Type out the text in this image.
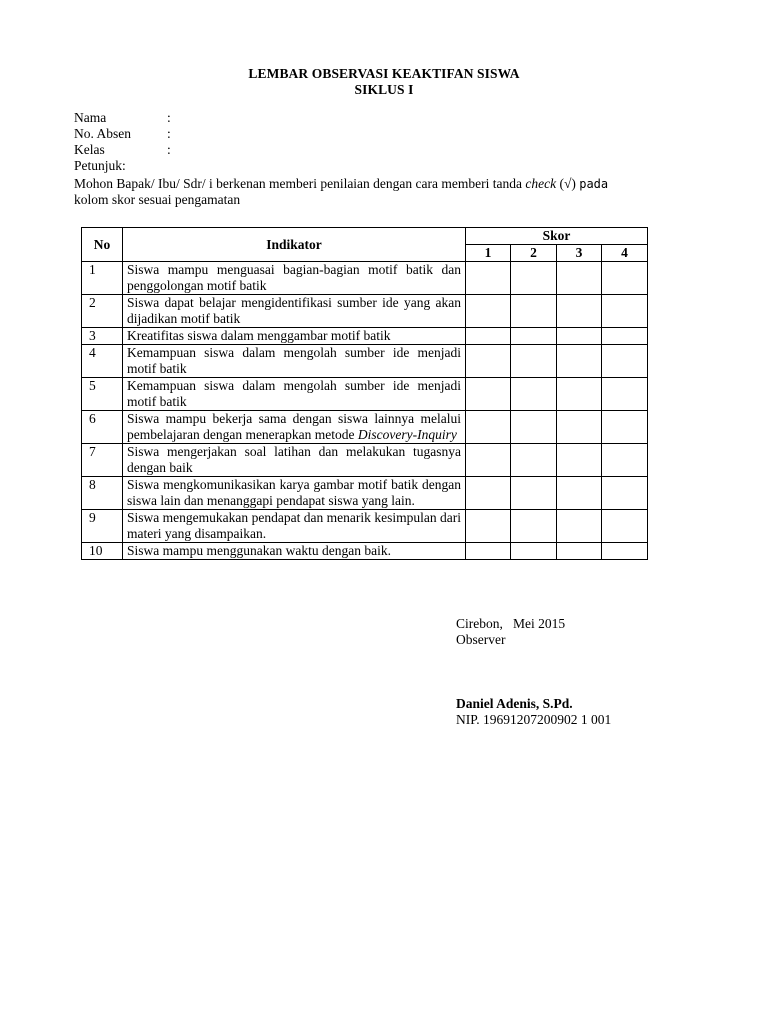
LEMBAR OBSERVASI KEAKTIFAN SISWA
SIKLUS I
Nama	:
No. Absen	:
Kelas	:
Petunjuk:
Mohon Bapak/ Ibu/ Sdr/ i berkenan memberi penilaian dengan cara memberi tanda check (√) pada
kolom skor sesuai pengamatan
No	Indikator	Skor			
		1	2	3	4
1	Siswa mampu menguasai bagian-bagian motif batik dan penggolongan motif batik				
2	Siswa dapat belajar mengidentifikasi sumber ide yang akan dijadikan motif batik				
3	Kreatifitas siswa dalam menggambar motif batik				
4	Kemampuan siswa dalam mengolah sumber ide menjadi motif batik				
5	Kemampuan siswa dalam mengolah sumber ide menjadi motif batik				
6	Siswa mampu bekerja sama dengan siswa lainnya melalui pembelajaran dengan menerapkan metode Discovery-Inquiry				
7	Siswa mengerjakan soal latihan dan melakukan tugasnya dengan baik				
8	Siswa mengkomunikasikan karya gambar motif batik dengan siswa lain dan menanggapi pendapat siswa yang lain.				
9	Siswa mengemukakan pendapat dan menarik kesimpulan dari materi yang disampaikan.				
10	Siswa mampu menggunakan waktu dengan baik.				
Cirebon,   Mei 2015
Observer
Daniel Adenis, S.Pd.
NIP. 19691207200902 1 001
